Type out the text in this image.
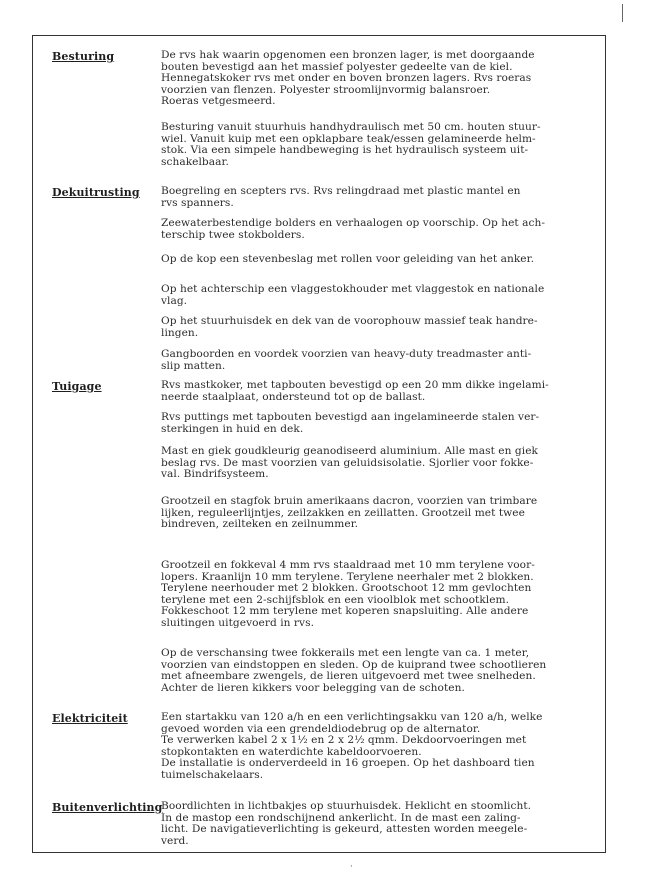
Besturing	De rvs hak waarin opgenomen een bronzen lager, is met doorgaande
bouten bevestigd aan het massief polyester gedeelte van de kiel.
Hennegatskoker rvs met onder en boven bronzen lagers. Rvs roeras
voorzien van flenzen. Polyester stroomlijnvormig balansroer.
Roeras vetgesmeerd.
Besturing vanuit stuurhuis handhydraulisch met 50 cm. houten stuur-
wiel. Vanuit kuip met een opklapbare teak/essen gelamineerde helm-
stok. Via een simpele handbeweging is het hydraulisch systeem uit-
schakelbaar.
Dekuitrusting Boegreling en scepters rvs. Rvs relingdraad met plastic mantel en
rvs spanners.
Zeewaterbestendige bolders en verhaalogen op voorschip. Op het ach-
terschip twee stokbolders.
Op de kop een stevenbeslag met rollen voor geleiding van het anker.
Op het achterschip een vlaggestokhouder met vlaggestok en nationale
vlag.
Op het stuurhuisdek en dek van de voorophouw massief teak handre-
lingen.
Gangboorden en voordek voorzien van heavy-duty treadmaster anti-
slip matten.
Tuigage	Rvs mastkoker, met tapbouten bevestigd op een 20 mm dikke ingelami-
neerde staalplaat, ondersteund tot op de ballast.
Rvs puttings met tapbouten bevestigd aan ingelamineerde stalen ver-
sterkingen in huid en dek.
Mast en giek goudkleurig geanodiseerd aluminium. Alle mast en giek
beslag rvs. De mast voorzien van geluidsisolatie. Sjorlier voor fokke-
val. Bindrifsysteem.
Grootzeil en stagfok bruin amerikaans dacron, voorzien van trimbare
lijken, reguleerlijntjes, zeilzakken en zeillatten. Grootzeil met twee
bindreven, zeilteken en zeilnummer.
Grootzeil en fokkeval 4 mm rvs staaldraad met 10 mm terylene voor-
lopers. Kraanlijn 10 mm terylene. Terylene neerhaler met 2 blokken.
Terylene neerhouder met 2 blokken. Grootschoot 12 mm gevlochten
terylene met een 2-schijfsblok en een vioolblok met schootklem.
Fokkeschoot 12 mm terylene met koperen snapsluiting. Alle andere
sluitingen uitgevoerd in rvs.
Op de verschansing twee fokkerails met een lengte van ca. 1 meter,
voorzien van eindstoppen en sleden. Op de kuiprand twee schootlieren
met afneembare zwengels, de lieren uitgevoerd met twee snelheden.
Achter de lieren kikkers voor belegging van de schoten.
Elektriciteit	Een startakku van 120 a/h en een verlichtingsakku van 120 a/h, welke
gevoed worden via een grendeldiodebrug op de alternator.
Te verwerken kabel 2 x 1½ en 2 x 2½ qmm. Dekdoorvoeringen met
stopkontakten en waterdichte kabeldoorvoeren.
De installatie is onderverdeeld in 16 groepen. Op het dashboard tien
tuimelschakelaars.
Buitenverlichting
Boordlichten in lichtbakjes op stuurhuisdek. Heklicht en stoomlicht.
In de mastop een rondschijnend ankerlicht. In de mast een zaling-
licht. De navigatieverlichting is gekeurd, attesten worden meegele-
verd.
·
